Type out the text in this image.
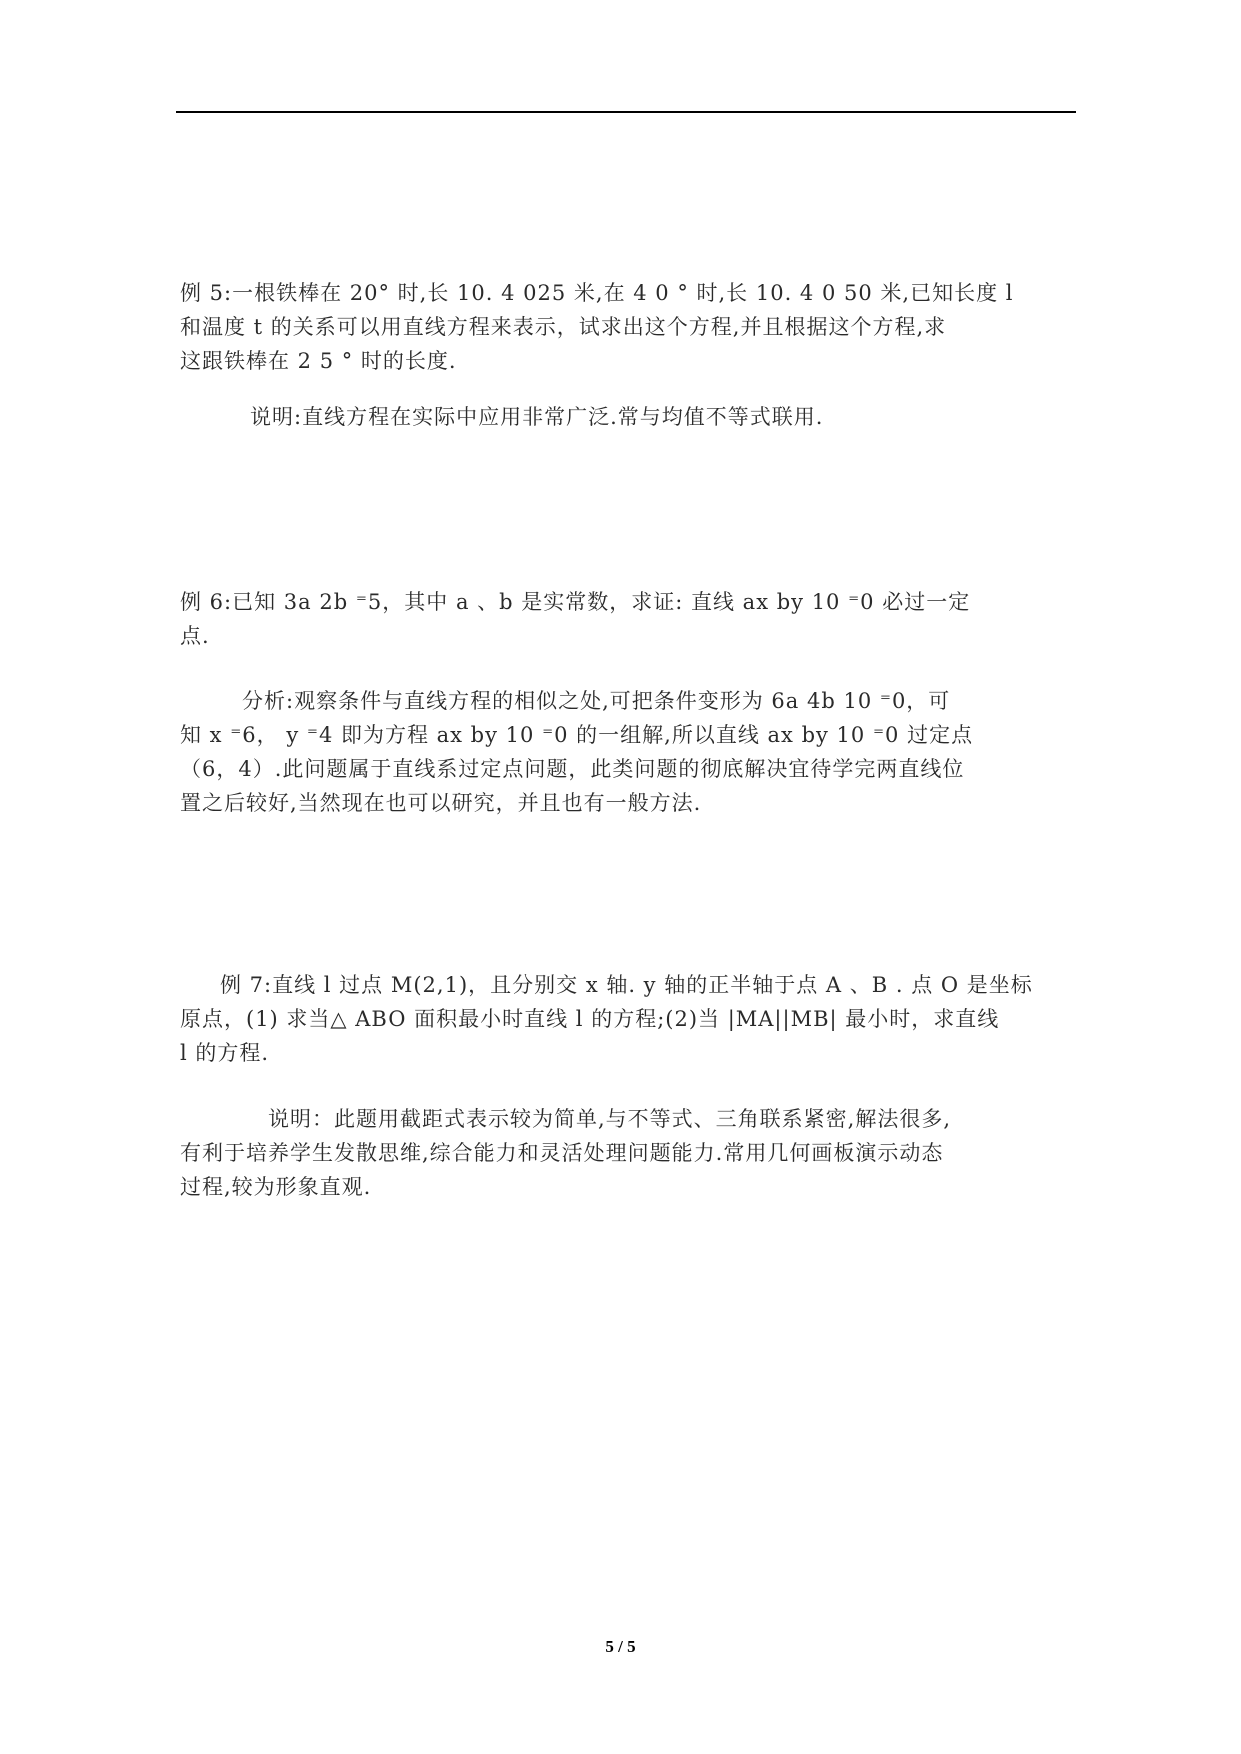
例 5:一根铁棒在 20° 时,长 10. 4 025 米,在 4 0 ° 时,长 10. 4 0 50 米,已知长度 l

和温度 t 的关系可以用直线方程来表示，试求出这个方程,并且根据这个方程,求

这跟铁棒在 2 5 ° 时的长度.

说明:直线方程在实际中应用非常广泛.常与均值不等式联用.

例 6:已知 3a 2b ⁼5，其中 a 、b 是实常数，求证: 直线 ax by 10 ⁼0 必过一定

点.

分析:观察条件与直线方程的相似之处,可把条件变形为 6a 4b 10 ⁼0，可

知 x ⁼6， y ⁼4 即为方程 ax by 10 ⁼0 的一组解,所以直线 ax by 10 ⁼0 过定点

（6，4）.此问题属于直线系过定点问题，此类问题的彻底解决宜待学完两直线位

置之后较好,当然现在也可以研究，并且也有一般方法.

例 7:直线 l 过点 M(2,1)，且分别交 x 轴. y 轴的正半轴于点 A 、B . 点 O 是坐标

原点，(1) 求当△ ABO 面积最小时直线 l 的方程;(2)当 |MA||MB| 最小时，求直线

l 的方程.

说明：此题用截距式表示较为简单,与不等式、三角联系紧密,解法很多,

有利于培养学生发散思维,综合能力和灵活处理问题能力.常用几何画板演示动态

过程,较为形象直观.

5 / 5
